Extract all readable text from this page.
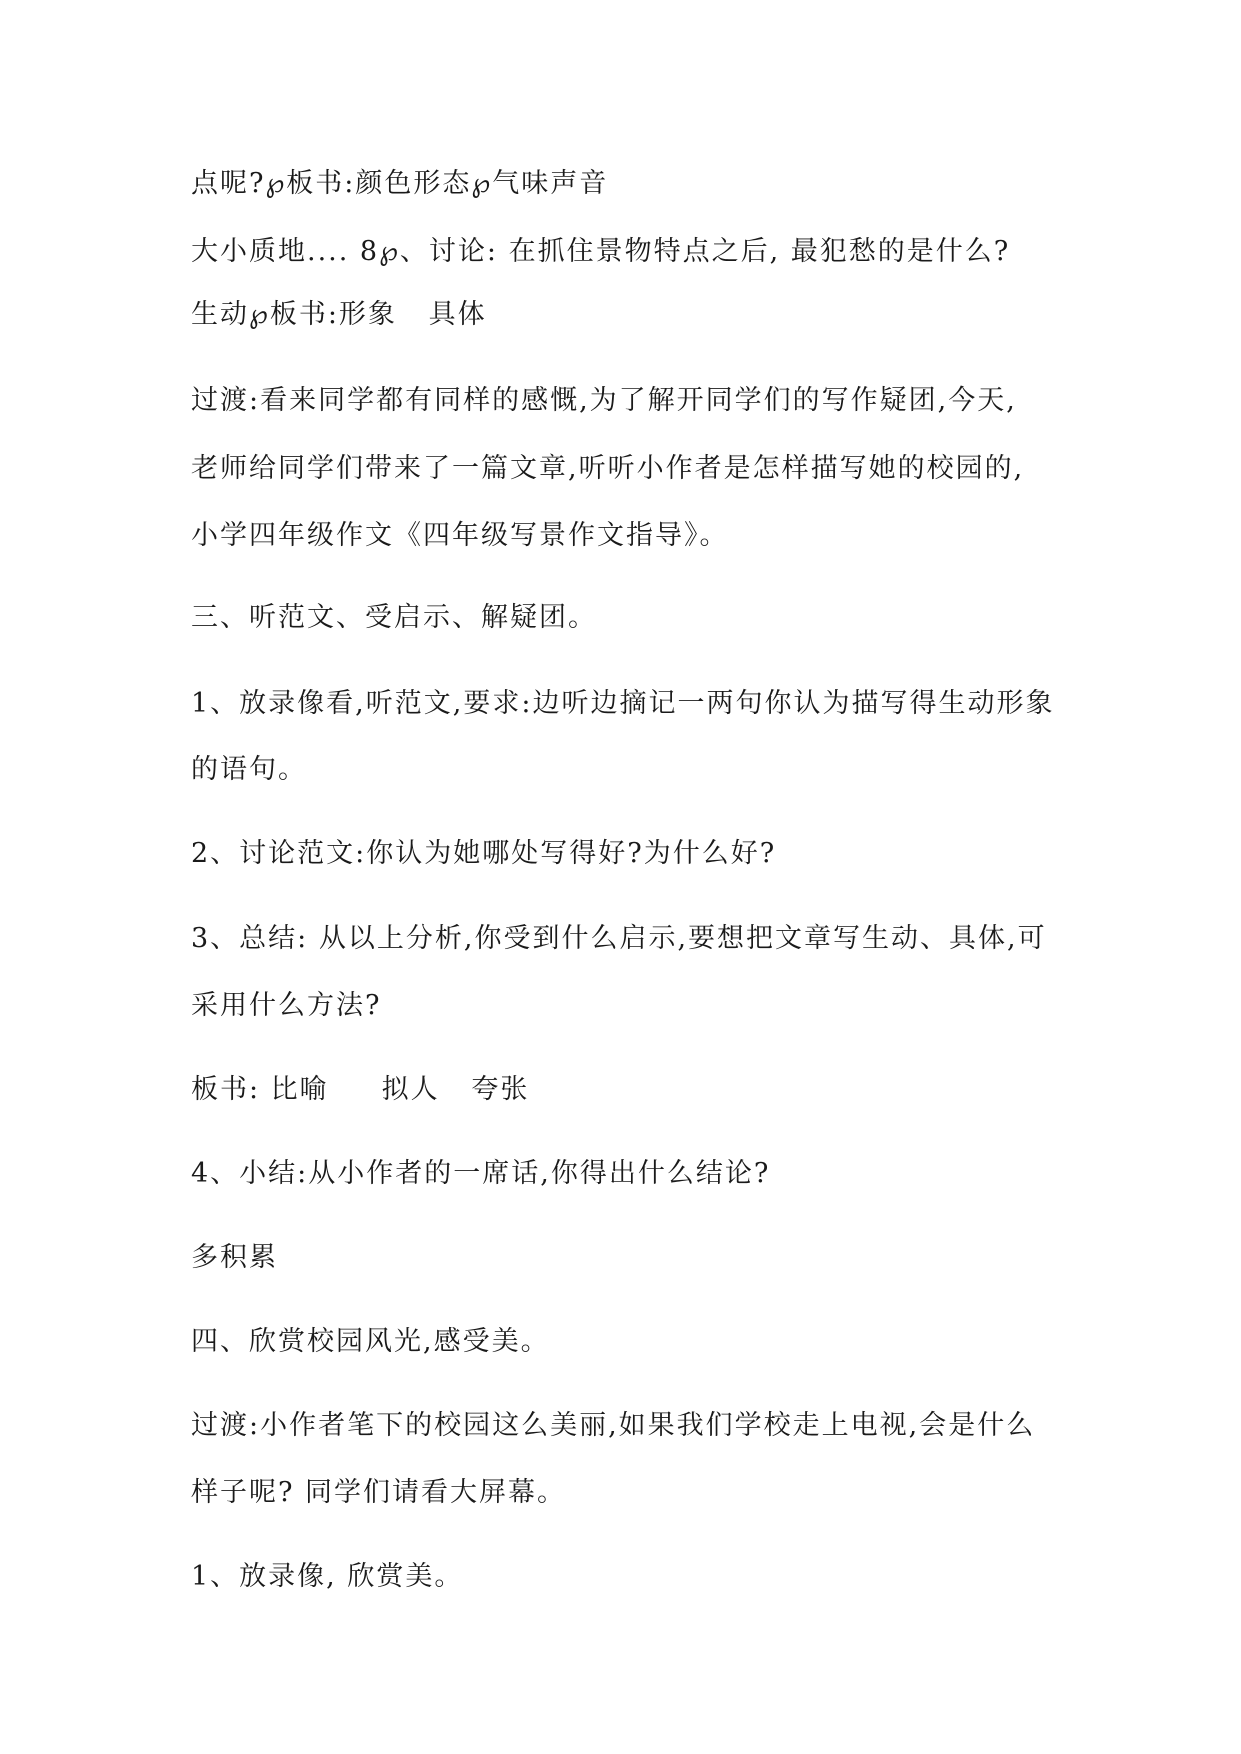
点呢?℘板书:颜色形态℘气味声音
大小质地.... 8℘、讨论: 在抓住景物特点之后, 最犯愁的是什么?
生动℘板书:形象   具体
过渡:看来同学都有同样的感慨,为了解开同学们的写作疑团,今天,
老师给同学们带来了一篇文章,听听小作者是怎样描写她的校园的,
小学四年级作文《四年级写景作文指导》。
三、听范文、受启示、解疑团。
1、放录像看,听范文,要求:边听边摘记一两句你认为描写得生动形象
的语句。
2、讨论范文:你认为她哪处写得好?为什么好?
3、总结: 从以上分析,你受到什么启示,要想把文章写生动、具体,可
采用什么方法?
板书: 比喻     拟人   夸张
4、小结:从小作者的一席话,你得出什么结论?
多积累
四、欣赏校园风光,感受美。
过渡:小作者笔下的校园这么美丽,如果我们学校走上电视,会是什么
样子呢? 同学们请看大屏幕。
1、放录像, 欣赏美。
